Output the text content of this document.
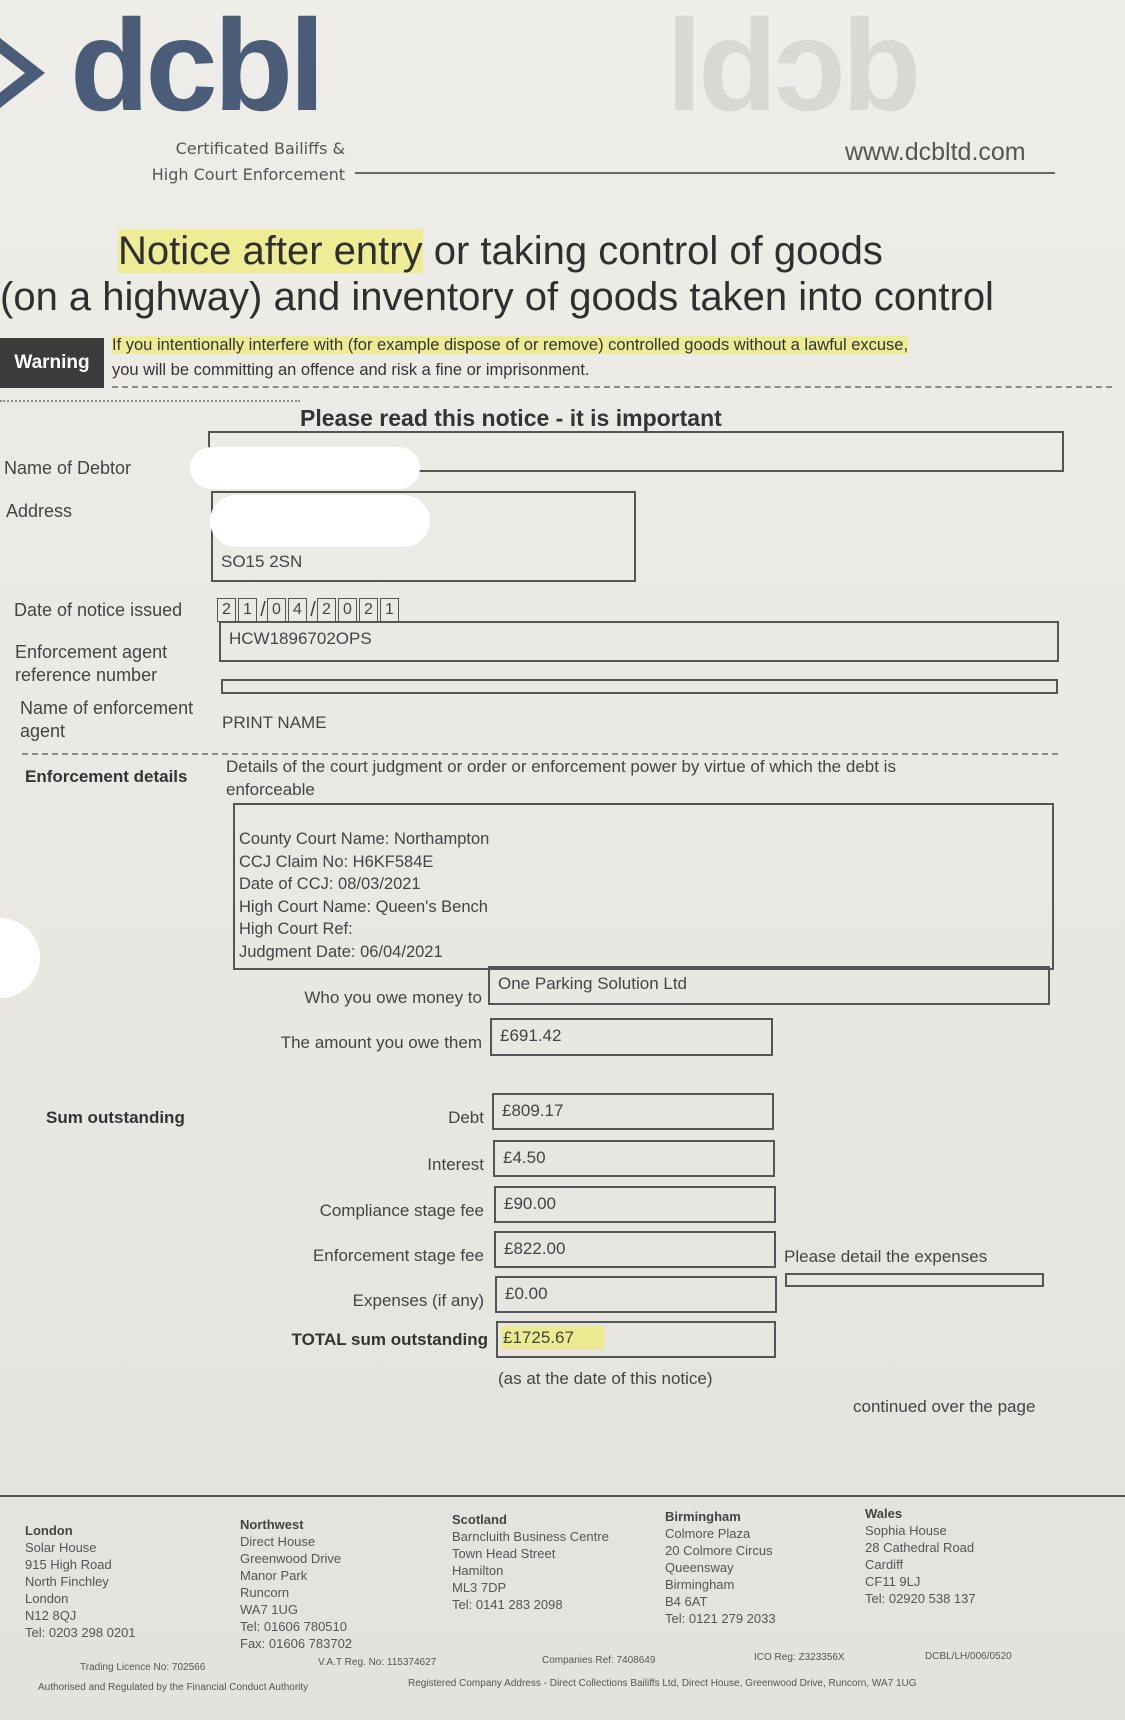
dcbl	dcbl
Certificated Bailiffs &
High Court Enforcement
www.dcbltd.com
Notice after entry or taking control of goods
(on a highway) and inventory of goods taken into control
Warning
If you intentionally interfere with (for example dispose of or remove) controlled goods without a lawful excuse,
you will be committing an offence and risk a fine or imprisonment.
Please read this notice - it is important
Name of Debtor
Address
SO15 2SN
Date of notice issued	2 1 / 0 4 / 2 0 2 1
Enforcement agent
reference number
HCW1896702OPS
Name of enforcement
agent	PRINT NAME
Enforcement details
Details of the court judgment or order or enforcement power by virtue of which the debt is
enforceable
County Court Name: Northampton
CCJ Claim No: H6KF584E
Date of CCJ: 08/03/2021
High Court Name: Queen's Bench
High Court Ref:
Judgment Date: 06/04/2021
Who you owe money to
One Parking Solution Ltd
The amount you owe them	£691.42
Sum outstanding	Debt	£809.17
Interest	£4.50
Compliance stage fee	£90.00
Enforcement stage fee	£822.00
Expenses (if any)	£0.00
TOTAL sum outstanding £1725.67
(as at the date of this notice)
Please detail the expenses
continued over the page
London
Solar House
915 High Road
North Finchley
London
N12 8QJ
Tel: 0203 298 0201
Northwest
Direct House
Greenwood Drive
Manor Park
Runcorn
WA7 1UG
Tel: 01606 780510
Fax: 01606 783702
Scotland
Barncluith Business Centre
Town Head Street
Hamilton
ML3 7DP
Tel: 0141 283 2098
Birmingham
Colmore Plaza
20 Colmore Circus
Queensway
Birmingham
B4 6AT
Tel: 0121 279 2033
Wales
Sophia House
28 Cathedral Road
Cardiff
CF11 9LJ
Tel: 02920 538 137
Trading Licence No: 702566	V.A.T Reg. No: 115374627	Companies Ref: 7408649	ICO Reg: Z323356X	DCBL/LH/006/0520
Authorised and Regulated by the Financial Conduct Authority	Registered Company Address - Direct Collections Bailiffs Ltd, Direct House, Greenwood Drive, Runcorn, WA7 1UG
